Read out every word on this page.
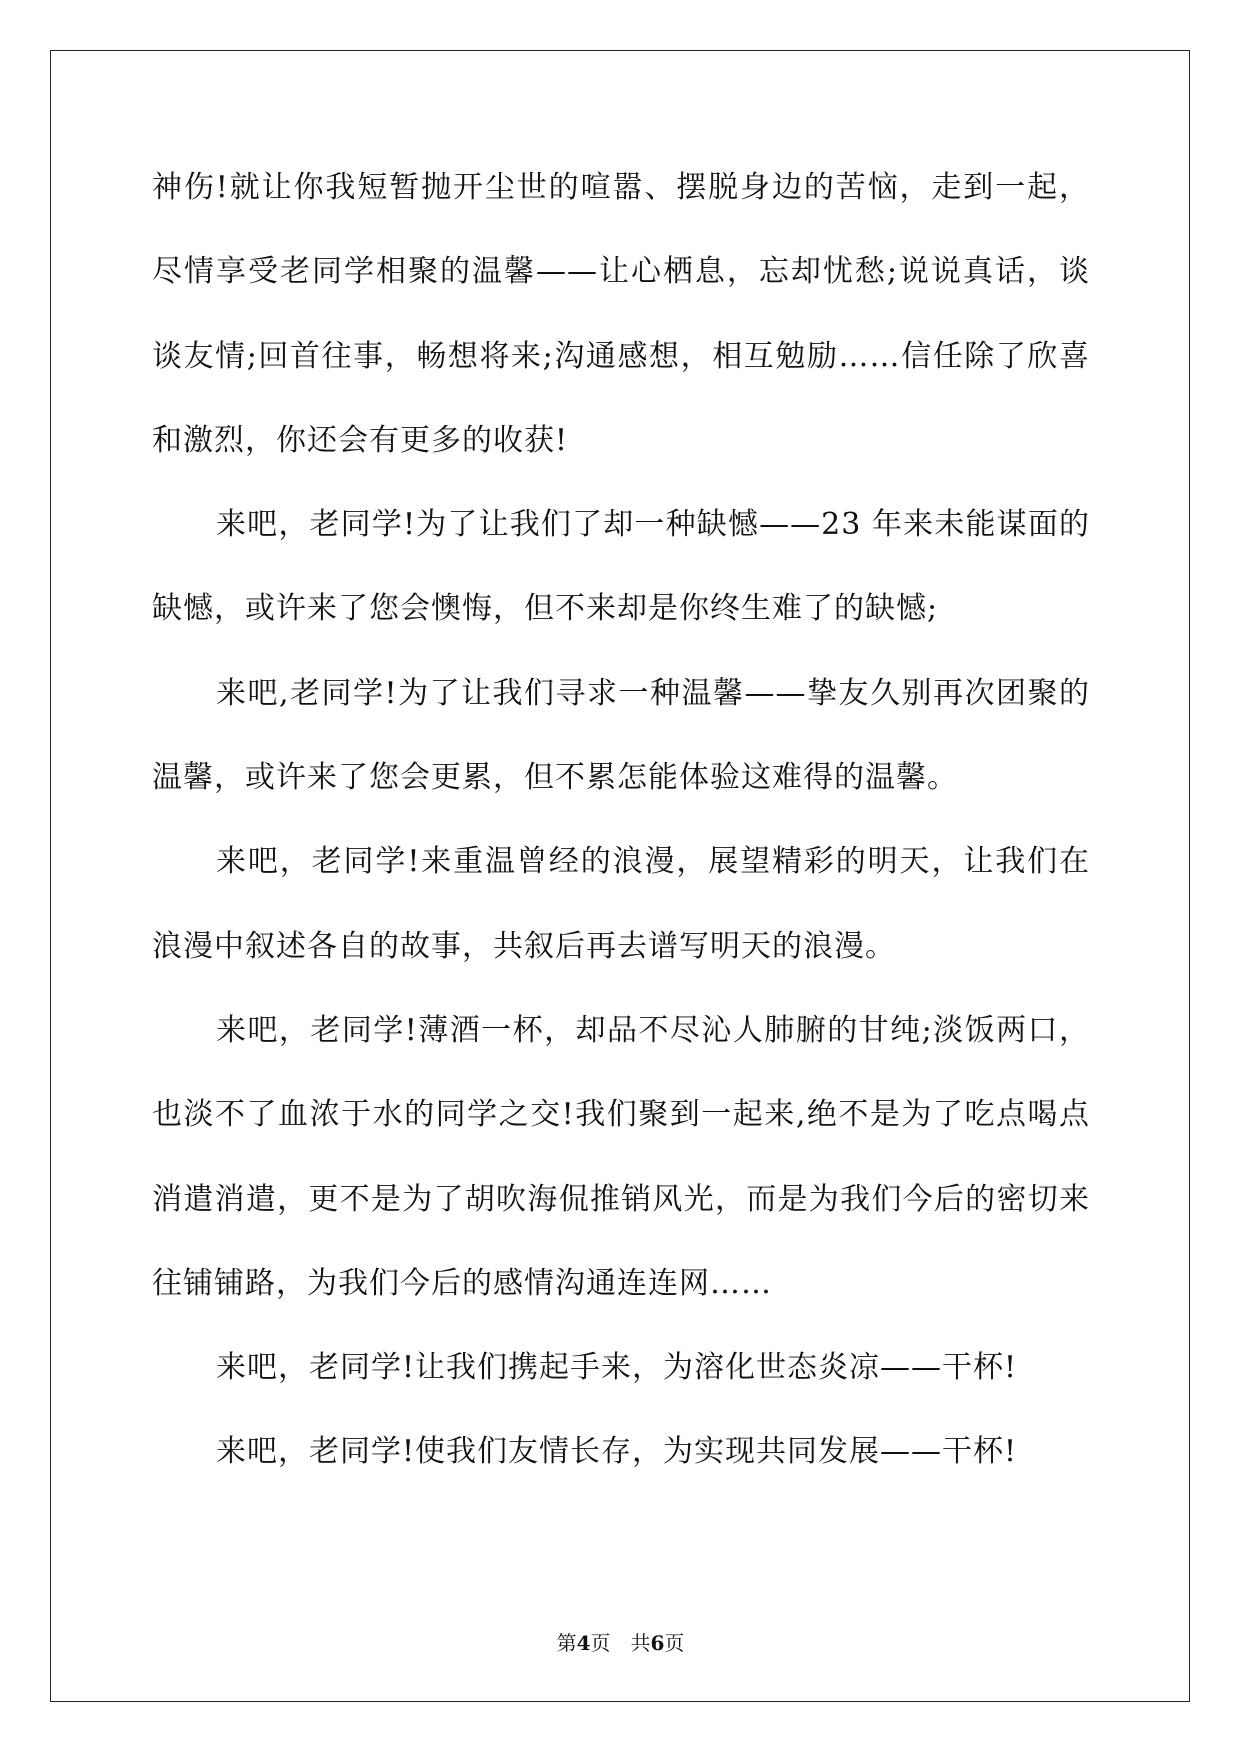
神伤!就让你我短暂抛开尘世的喧嚣、摆脱身边的苦恼，走到一起，尽情享受老同学相聚的温馨——让心栖息，忘却忧愁;说说真话，谈谈友情;回首往事，畅想将来;沟通感想，相互勉励……信任除了欣喜和激烈，你还会有更多的收获!

来吧，老同学!为了让我们了却一种缺憾——23 年来未能谋面的缺憾，或许来了您会懊悔，但不来却是你终生难了的缺憾;

来吧,老同学!为了让我们寻求一种温馨——挚友久别再次团聚的温馨，或许来了您会更累，但不累怎能体验这难得的温馨。

来吧，老同学!来重温曾经的浪漫，展望精彩的明天，让我们在浪漫中叙述各自的故事，共叙后再去谱写明天的浪漫。

来吧，老同学!薄酒一杯，却品不尽沁人肺腑的甘纯;淡饭两口，也淡不了血浓于水的同学之交!我们聚到一起来,绝不是为了吃点喝点消遣消遣，更不是为了胡吹海侃推销风光，而是为我们今后的密切来往铺铺路，为我们今后的感情沟通连连网……

来吧，老同学!让我们携起手来，为溶化世态炎凉——干杯!

来吧，老同学!使我们友情长存，为实现共同发展——干杯!

第4页 共6页
